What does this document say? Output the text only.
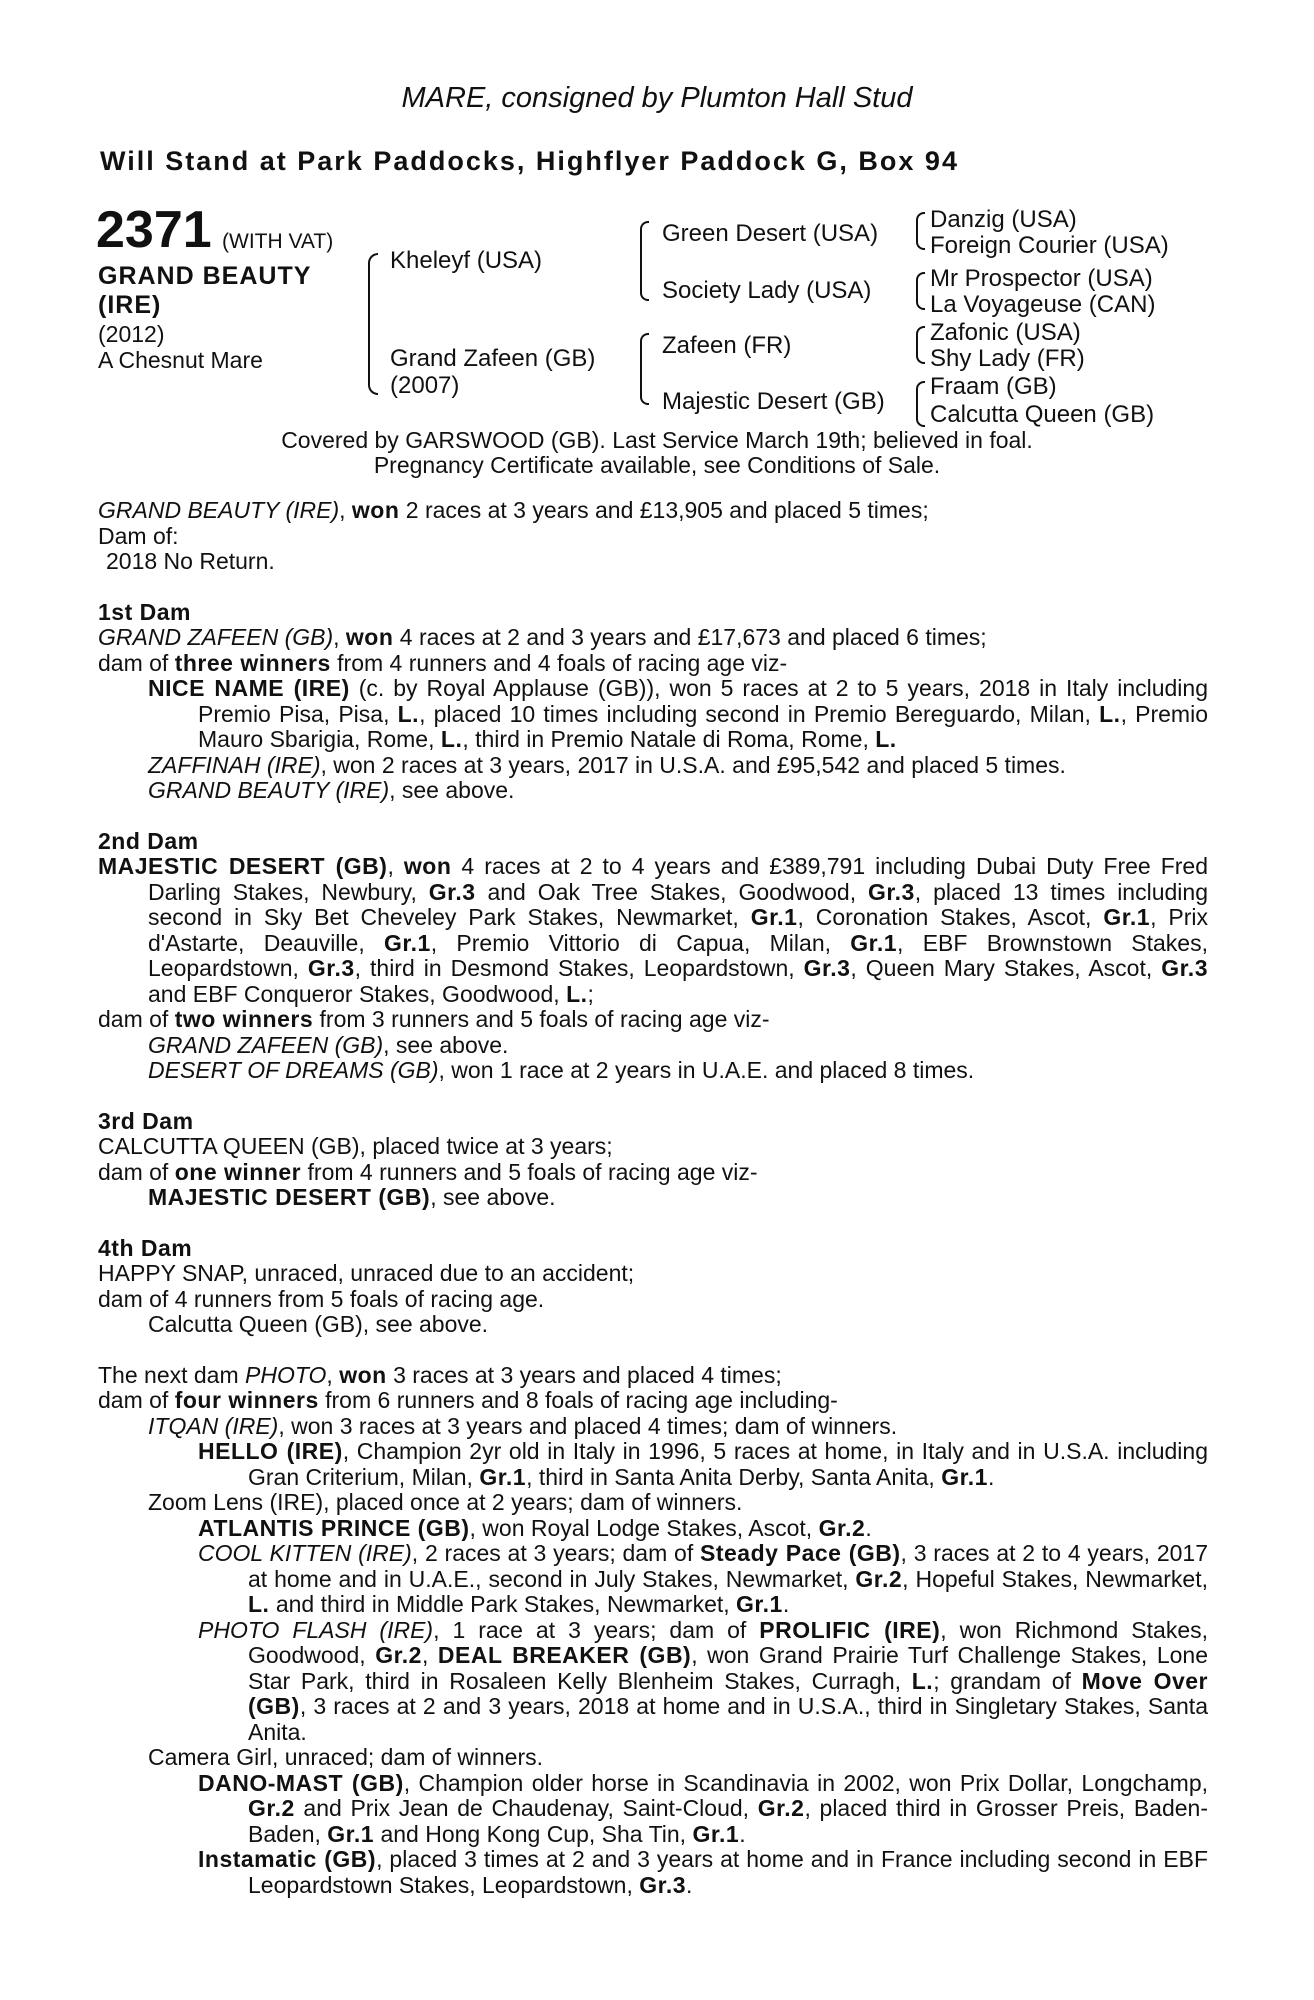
MARE, consigned by Plumton Hall Stud
Will Stand at Park Paddocks, Highflyer Paddock G, Box 94
2371 (WITH VAT)
GRAND BEAUTY
(IRE)
(2012)
A Chesnut Mare
Kheleyf (USA)
Grand Zafeen (GB)
(2007)
Green Desert (USA)
Society Lady (USA)
Zafeen (FR)
Majestic Desert (GB)
Danzig (USA)
Foreign Courier (USA)
Mr Prospector (USA)
La Voyageuse (CAN)
Zafonic (USA)
Shy Lady (FR)
Fraam (GB)
Calcutta Queen (GB)
Covered by GARSWOOD (GB). Last Service March 19th; believed in foal.
Pregnancy Certificate available, see Conditions of Sale.

GRAND BEAUTY (IRE), won 2 races at 3 years and £13,905 and placed 5 times;

Dam of:

2018 No Return.

1st Dam

GRAND ZAFEEN (GB), won 4 races at 2 and 3 years and £17,673 and placed 6 times;

dam of three winners from 4 runners and 4 foals of racing age viz-

NICE NAME (IRE) (c. by Royal Applause (GB)), won 5 races at 2 to 5 years, 2018 in Italy including Premio Pisa, Pisa, L., placed 10 times including second in Premio Bereguardo, Milan, L., Premio Mauro Sbarigia, Rome, L., third in Premio Natale di Roma, Rome, L.

ZAFFINAH (IRE), won 2 races at 3 years, 2017 in U.S.A. and £95,542 and placed 5 times.

GRAND BEAUTY (IRE), see above.

2nd Dam

MAJESTIC DESERT (GB), won 4 races at 2 to 4 years and £389,791 including Dubai Duty Free Fred Darling Stakes, Newbury, Gr.3 and Oak Tree Stakes, Goodwood, Gr.3, placed 13 times including second in Sky Bet Cheveley Park Stakes, Newmarket, Gr.1, Coronation Stakes, Ascot, Gr.1, Prix d'Astarte, Deauville, Gr.1, Premio Vittorio di Capua, Milan, Gr.1, EBF Brownstown Stakes, Leopardstown, Gr.3, third in Desmond Stakes, Leopardstown, Gr.3, Queen Mary Stakes, Ascot, Gr.3 and EBF Conqueror Stakes, Goodwood, L.;

dam of two winners from 3 runners and 5 foals of racing age viz-

GRAND ZAFEEN (GB), see above.

DESERT OF DREAMS (GB), won 1 race at 2 years in U.A.E. and placed 8 times.

3rd Dam

CALCUTTA QUEEN (GB), placed twice at 3 years;

dam of one winner from 4 runners and 5 foals of racing age viz-

MAJESTIC DESERT (GB), see above.

4th Dam

HAPPY SNAP, unraced, unraced due to an accident;

dam of 4 runners from 5 foals of racing age.

Calcutta Queen (GB), see above.

The next dam PHOTO, won 3 races at 3 years and placed 4 times;

dam of four winners from 6 runners and 8 foals of racing age including-

ITQAN (IRE), won 3 races at 3 years and placed 4 times; dam of winners.

HELLO (IRE), Champion 2yr old in Italy in 1996, 5 races at home, in Italy and in U.S.A. including Gran Criterium, Milan, Gr.1, third in Santa Anita Derby, Santa Anita, Gr.1.

Zoom Lens (IRE), placed once at 2 years; dam of winners.

ATLANTIS PRINCE (GB), won Royal Lodge Stakes, Ascot, Gr.2.

COOL KITTEN (IRE), 2 races at 3 years; dam of Steady Pace (GB), 3 races at 2 to 4 years, 2017 at home and in U.A.E., second in July Stakes, Newmarket, Gr.2, Hopeful Stakes, Newmarket, L. and third in Middle Park Stakes, Newmarket, Gr.1.

PHOTO FLASH (IRE), 1 race at 3 years; dam of PROLIFIC (IRE), won Richmond Stakes, Goodwood, Gr.2, DEAL BREAKER (GB), won Grand Prairie Turf Challenge Stakes, Lone Star Park, third in Rosaleen Kelly Blenheim Stakes, Curragh, L.; grandam of Move Over (GB), 3 races at 2 and 3 years, 2018 at home and in U.S.A., third in Singletary Stakes, Santa Anita.

Camera Girl, unraced; dam of winners.

DANO-MAST (GB), Champion older horse in Scandinavia in 2002, won Prix Dollar, Longchamp, Gr.2 and Prix Jean de Chaudenay, Saint-Cloud, Gr.2, placed third in Grosser Preis, Baden-Baden, Gr.1 and Hong Kong Cup, Sha Tin, Gr.1.

Instamatic (GB), placed 3 times at 2 and 3 years at home and in France including second in EBF Leopardstown Stakes, Leopardstown, Gr.3.
